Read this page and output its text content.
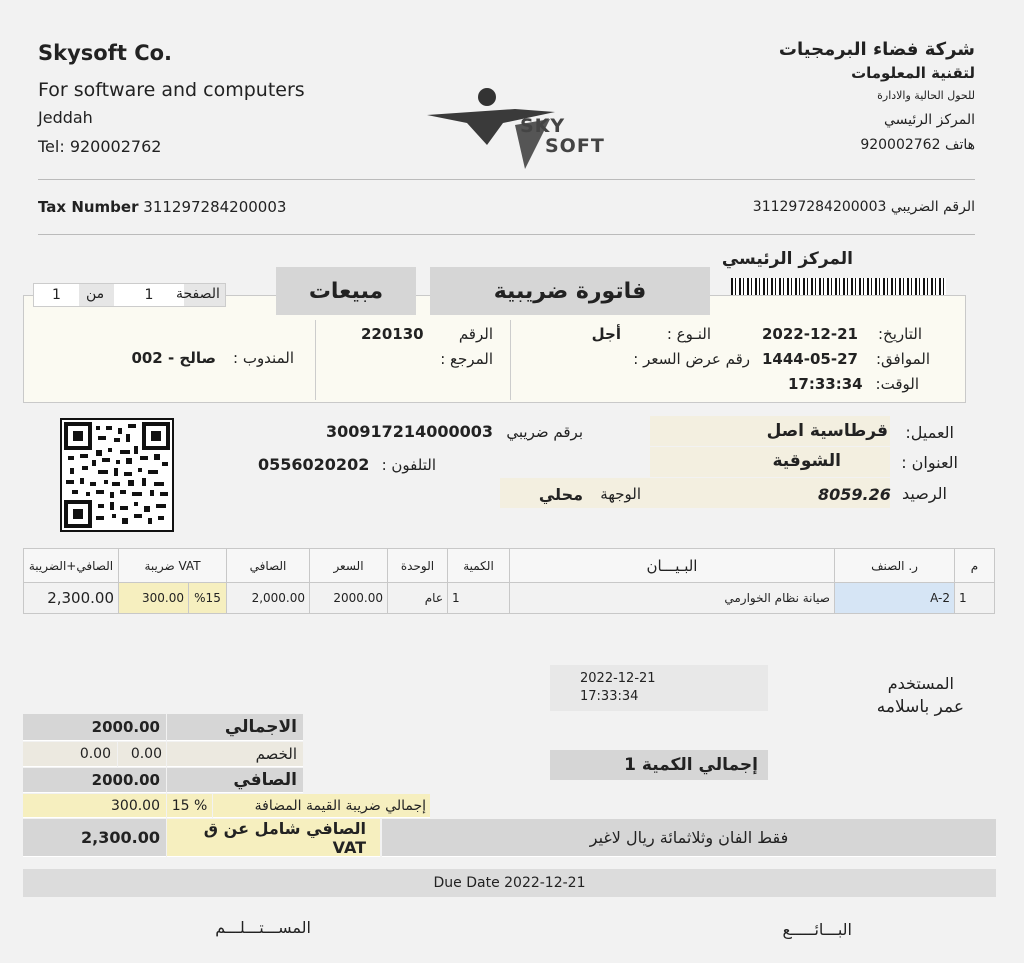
Skysoft Co.
For software and computers
Jeddah
Tel: 920002762
Tax Number 311297284200003
SKY
SOFT
شركة فضاء البرمجيات
لتقنية المعلومات
للحول الحالية والادارة
المركز الرئيسي
هاتف 920002762
الرقم الضريبي 311297284200003
المركز الرئيسي
فاتورة ضريبية
مبيعات
1	من	1	الصفحة
التاريخ:
2022-12-21
الموافق:
1444-05-27
الوقت:
17:33:34
النـوع :
أجل
رقم عرض السعر :
الرقم
220130
المرجع :
المندوب :
صالح - 002
العميل:
قرطاسية اصل
العنوان :
الشوقية
الرصيد
8059.26
برقم ضريبي
300917214000003
التلفون :
0556020202
الوجهة
محلي
الصافي+الضريبة	ضريبة VAT		الصافي	السعر	الوحدة	الكمية	البـيـــان	ر. الصنف	م
2,300.00	300.00	%15	2,000.00	2000.00	عام	1	صيانة نظام الخوارمي	A-2	1
2022-12-21
17:33:34
المستخدم
عمر باسلامه
إجمالي الكمية 1
2000.00	الاجمالي
0.00 0.00	الخصم
2000.00	الصافي
300.00 15 %	إجمالي ضريبة القيمة المضافة
2,300.00	الصافي شامل عن ق VAT	فقط الفان وثلاثمائة ريال لاغير
Due Date 2022-12-21
المســـتـــلـــم	البـــائـــــع
